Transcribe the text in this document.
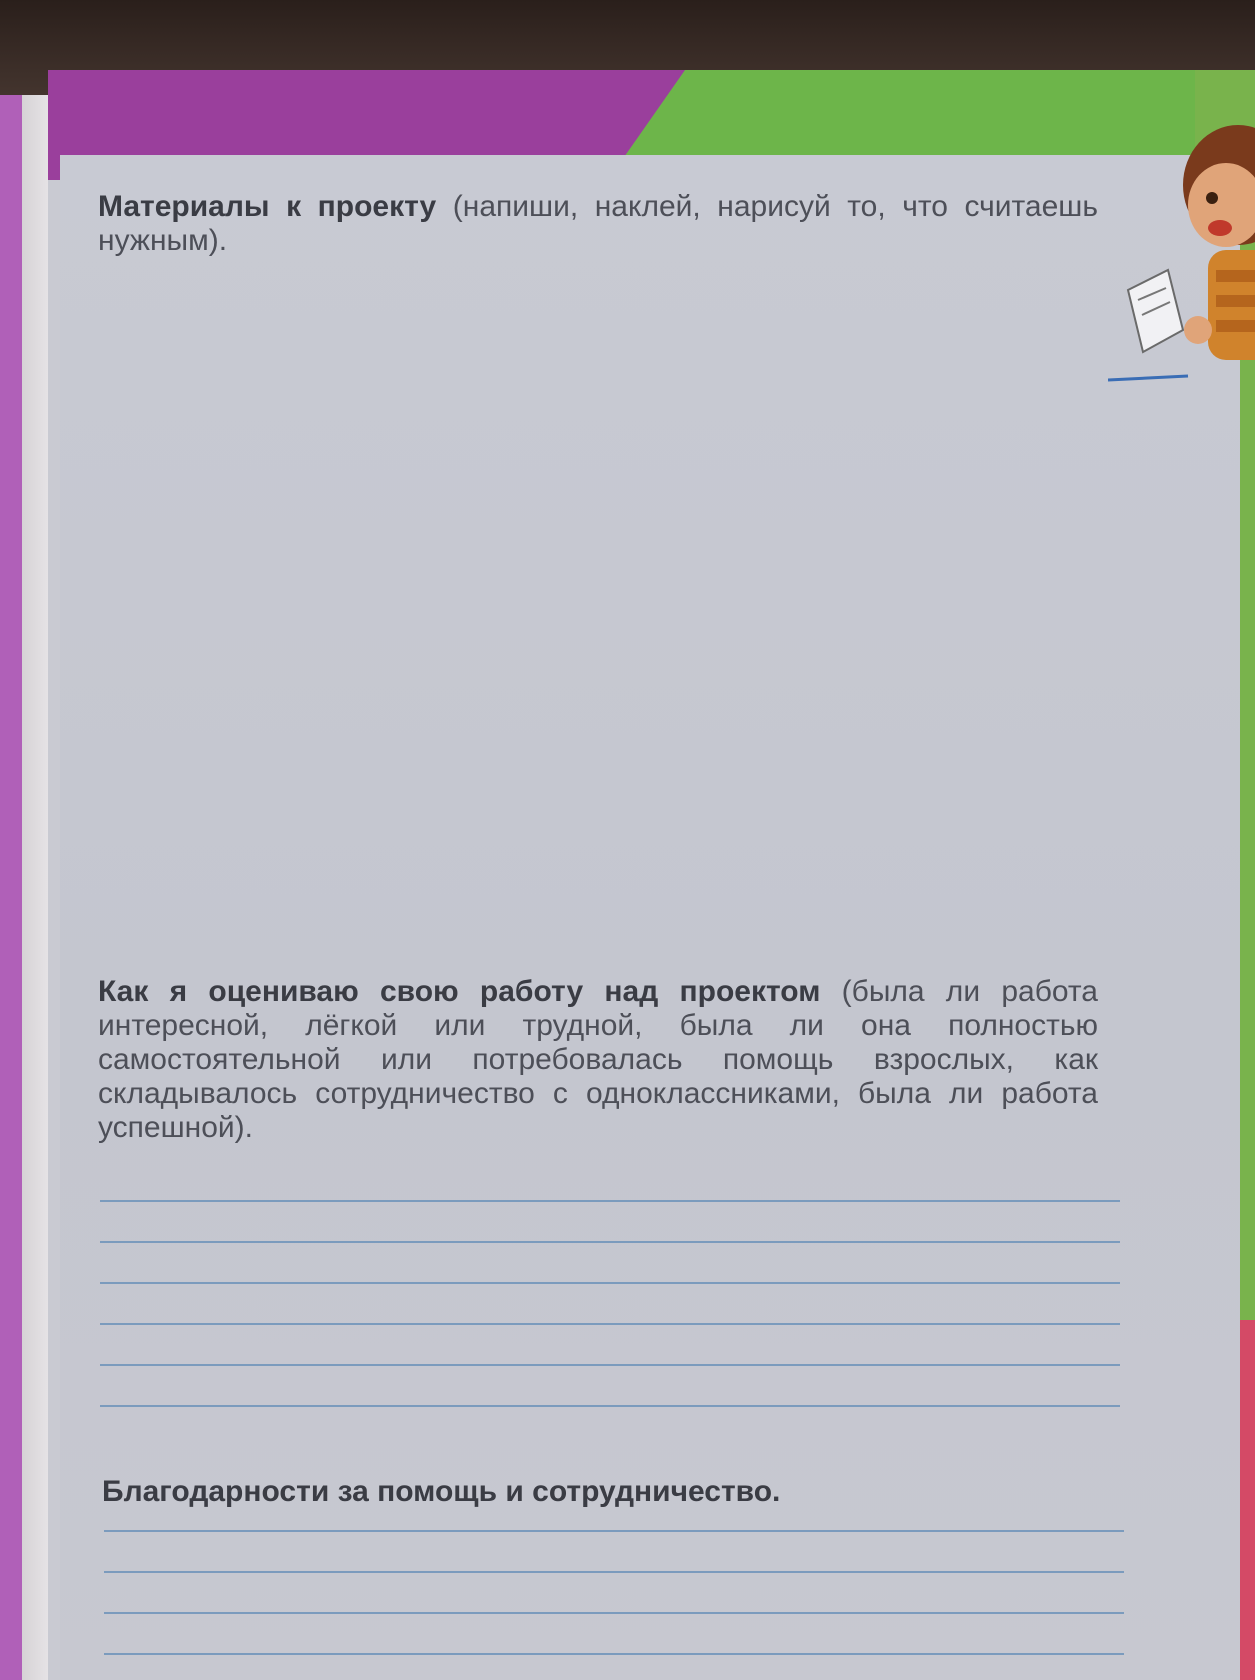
Материалы к проекту (напиши, наклей, нарисуй то, что считаешь нужным).
Как я оцениваю свою работу над проектом (была ли работа интересной, лёгкой или трудной, была ли она полностью самостоятельной или потребовалась помощь взрослых, как складывалось сотрудничество с одноклассниками, была ли работа успешной).
Благодарности за помощь и сотрудничество.
